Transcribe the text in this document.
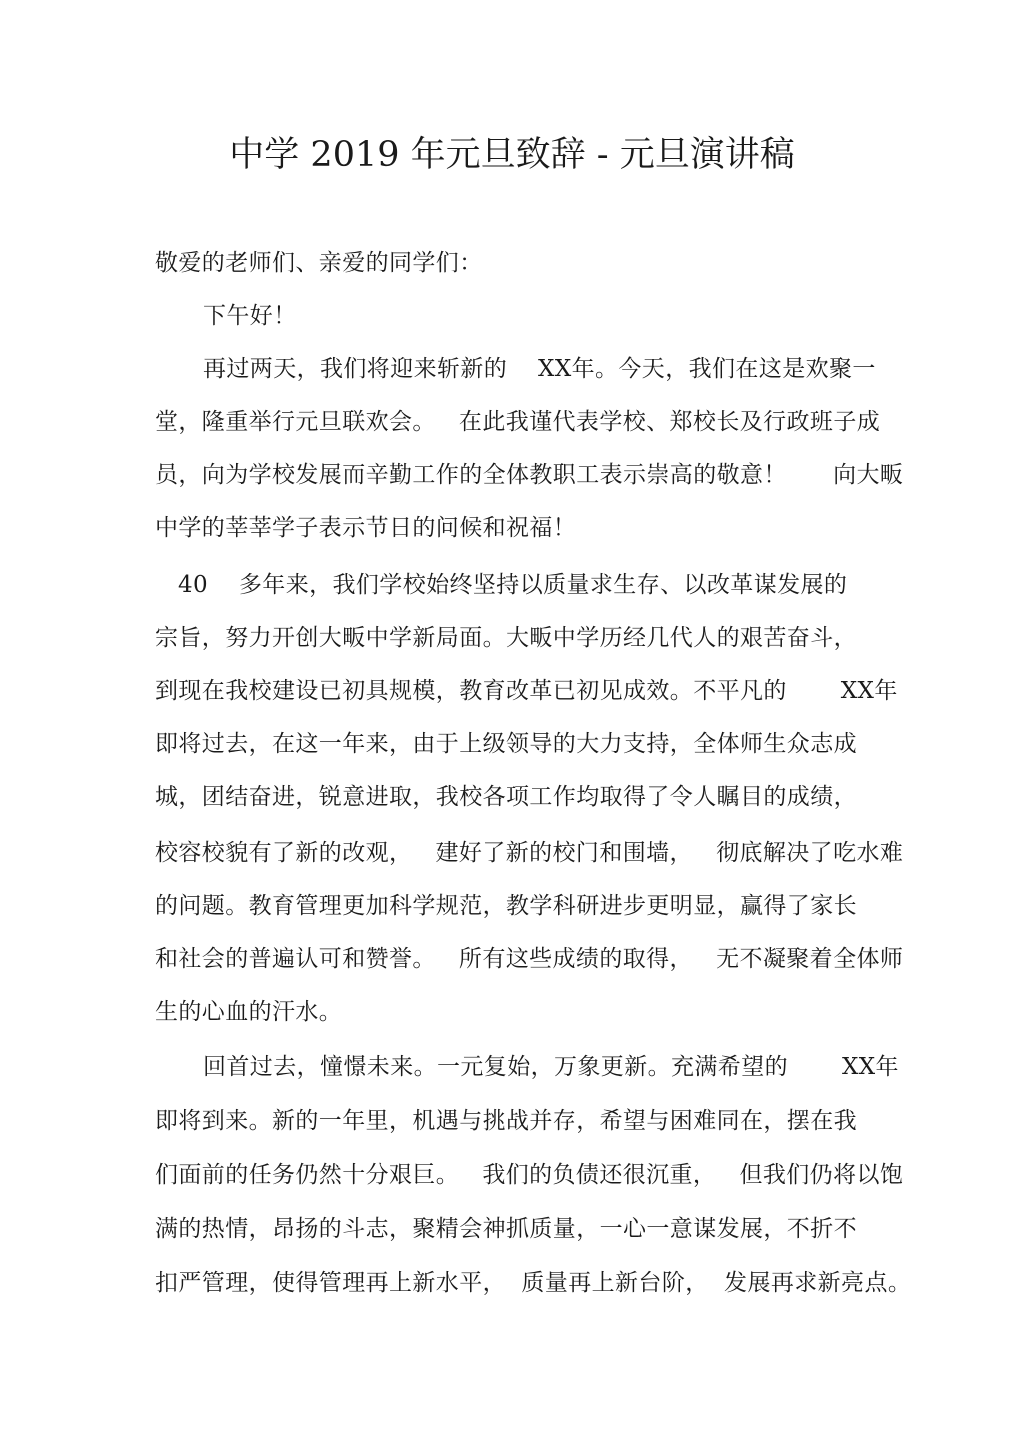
中学 2019 年元旦致辞 - 元旦演讲稿
敬爱的老师们、亲爱的同学们：
下午好！
再过两天，我们将迎来斩新的    XX年。今天，我们在这是欢聚一
堂，隆重举行元旦联欢会。   在此我谨代表学校、郑校长及行政班子成
员，向为学校发展而辛勤工作的全体教职工表示崇高的敬意！      向大畈
中学的莘莘学子表示节日的问候和祝福！
40    多年来，我们学校始终坚持以质量求生存、以改革谋发展的
宗旨，努力开创大畈中学新局面。大畈中学历经几代人的艰苦奋斗，
到现在我校建设已初具规模，教育改革已初见成效。不平凡的       XX年
即将过去，在这一年来，由于上级领导的大力支持，全体师生众志成
城，团结奋进，锐意进取，我校各项工作均取得了令人瞩目的成绩，
校容校貌有了新的改观，   建好了新的校门和围墙，   彻底解决了吃水难
的问题。教育管理更加科学规范，教学科研进步更明显，赢得了家长
和社会的普遍认可和赞誉。   所有这些成绩的取得，   无不凝聚着全体师
生的心血的汗水。
回首过去，憧憬未来。一元复始，万象更新。充满希望的       XX年
即将到来。新的一年里，机遇与挑战并存，希望与困难同在，摆在我
们面前的任务仍然十分艰巨。   我们的负债还很沉重，   但我们仍将以饱
满的热情，昂扬的斗志，聚精会神抓质量，一心一意谋发展，不折不
扣严管理，使得管理再上新水平，  质量再上新台阶，  发展再求新亮点。
